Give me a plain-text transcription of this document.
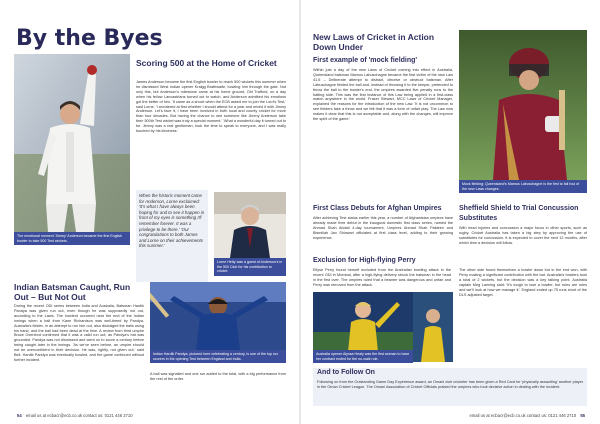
By the Byes
The emotional moment 'Jimmy' Anderson became the first English bowler to take 500 Test wickets.
Scoring 500 at the Home of Cricket
James Anderson became the first English bowler to reach 500 wickets this summer when he dismissed West Indian opener Kraigg Brathwaite, bowling him through the gate. Not only this, but Anderson's milestone came at his home ground, Old Trafford, on a day when his fellow Lancastrians turned out to watch, and Anderson admitted his emotions got the better of him. 'It came as a shock when the ECB asked me to join the Lord's Test,' said Lorne. 'I wondered at first whether I should attend for a year and mixed it with Jimmy Anderson. Let's face it, I have been involved in both local and county cricket for more than four decades. But having the chance to see someone like Jimmy Anderson take their 500th Test wicket was truly a special moment.' 'What a wonderful day it turned out to be. Jimmy was a real gentleman, took the time to speak to everyone, and I was really touched by his kindness.'
When the historic moment came for Anderson, Lorne exclaimed: 'It's what I have always been hoping for and to see it happen in front of my eyes is something I'll remember forever. It was a privilege to be there.' 'Our congratulations to both James and Lorne on their achievements this summer.'
Lorne Hetty was a guest of Anderson's in the 500 Club for his contribution to cricket.
Indian Batsman Caught, Run Out – But Not Out
During the recent ODI series between India and Australia, Batsman Hardik Pandya was given run out, even though he was supposedly not out, according to the Laws. The incident occurred near the end of the Indian innings when a ball from Kane Richardson was well-timed by Pandya. Australia's fielder, in an attempt to run him out, also dislodged the bails using his hand, and the ball had been dead at the time. A review from third umpire Bruce Oxenford confirmed that it was a valid run out, as Pandya's bat was grounded. Pandya was not dismissed and went on to score a century before being caught later in the innings. 'As we've seen before, an umpire should not be overconfident in their decision. He was, rightly, not given out,' said Bell. Hardik Pandya was eventually bowled, and the game continued without further incident.
Indian Hardik Pandya, pictured here celebrating a century, is one of the top run scorers in the opening Test between England and India.
A ball was signalled and one run added to the total, with a big performance from the rest of the order.
54 email us at ecbacr@ecb.co.uk contact us: 0121 446 2710
New Laws of Cricket in Action Down Under
First example of 'mock fielding'
Within just a day of the new Laws of Cricket coming into effect in Australia, Queensland batsman Marnus Labuschagne became the first victim of the new Law 41.5 – Deliberate attempt to distract, deceive or obstruct batsman. After Labuschagne fielded the ball and, instead of throwing it to the keeper, pretended to throw the ball to the bowler's end, the umpires awarded five penalty runs to the batting side. This was the first instance of this Law being applied in a first-class match anywhere in the world. Fraser Stewart, MCC Laws of Cricket Manager, explained the reasons for the introduction of the new Law. 'It is not uncommon to see fielders fake a throw and we felt that it was a form of unfair play. The Law now makes it clear that this is not acceptable and, along with the changes, will improve the spirit of the game.'
Mock fielding: Queensland's Marnus Labuschagne is the first to fall foul of the new Laws changes.
First Class Debuts for Afghan Umpires
After achieving Test status earlier this year, a number of Afghanistan umpires have already made their debut in the inaugural domestic first class series, named the Ahmad Shah Abdali 4-day tournament. Umpires Ahmad Shah Pakteen and Bismillah Jan Shinwari officiated at first class level, adding to their growing experience.
Sheffield Shield to Trial Concussion Substitutes
With head injuries and concussion a major focus in other sports, such as rugby, Cricket Australia has taken a big step by approving the use of substitutes for concussion. It is expected to cover the next 12 months, after which time a decision will follow.
Exclusion for High-flying Perry
Ellyse Perry found herself excluded from the Australian bowling attack in the recent ODI in Mumbai, after a high-flying delivery struck the batsman in the head in the first over. The umpires ruled that a beamer was dangerous and unfair and Perry was removed from the attack.
Australia opener Alyssa Healy was the first woman to have her contract ended for the no-walk rule.
The other side found themselves a bowler down but in the end won, with Perry making a significant contribution with the bat. Australia's bowlers took a total of 2 wickets, but the decision was a key talking point. Australia captain Meg Lanning said: 'It's tough to lose a bowler, but rules are rules and we'll look at how we manage it.' England ended up 75 runs short of the DLS adjusted target.
And to Follow On
Following on from the Outstanding Game Day Experience award, an Omani club cricketer has been given a Red Card for 'physically assaulting' another player in the Oman Cricket League. The Omani Association of Cricket Officials praised the umpires who took decisive action in dealing with the incident.
email us at ecbacr@ecb.co.uk contact us: 0121 446 2710 55
